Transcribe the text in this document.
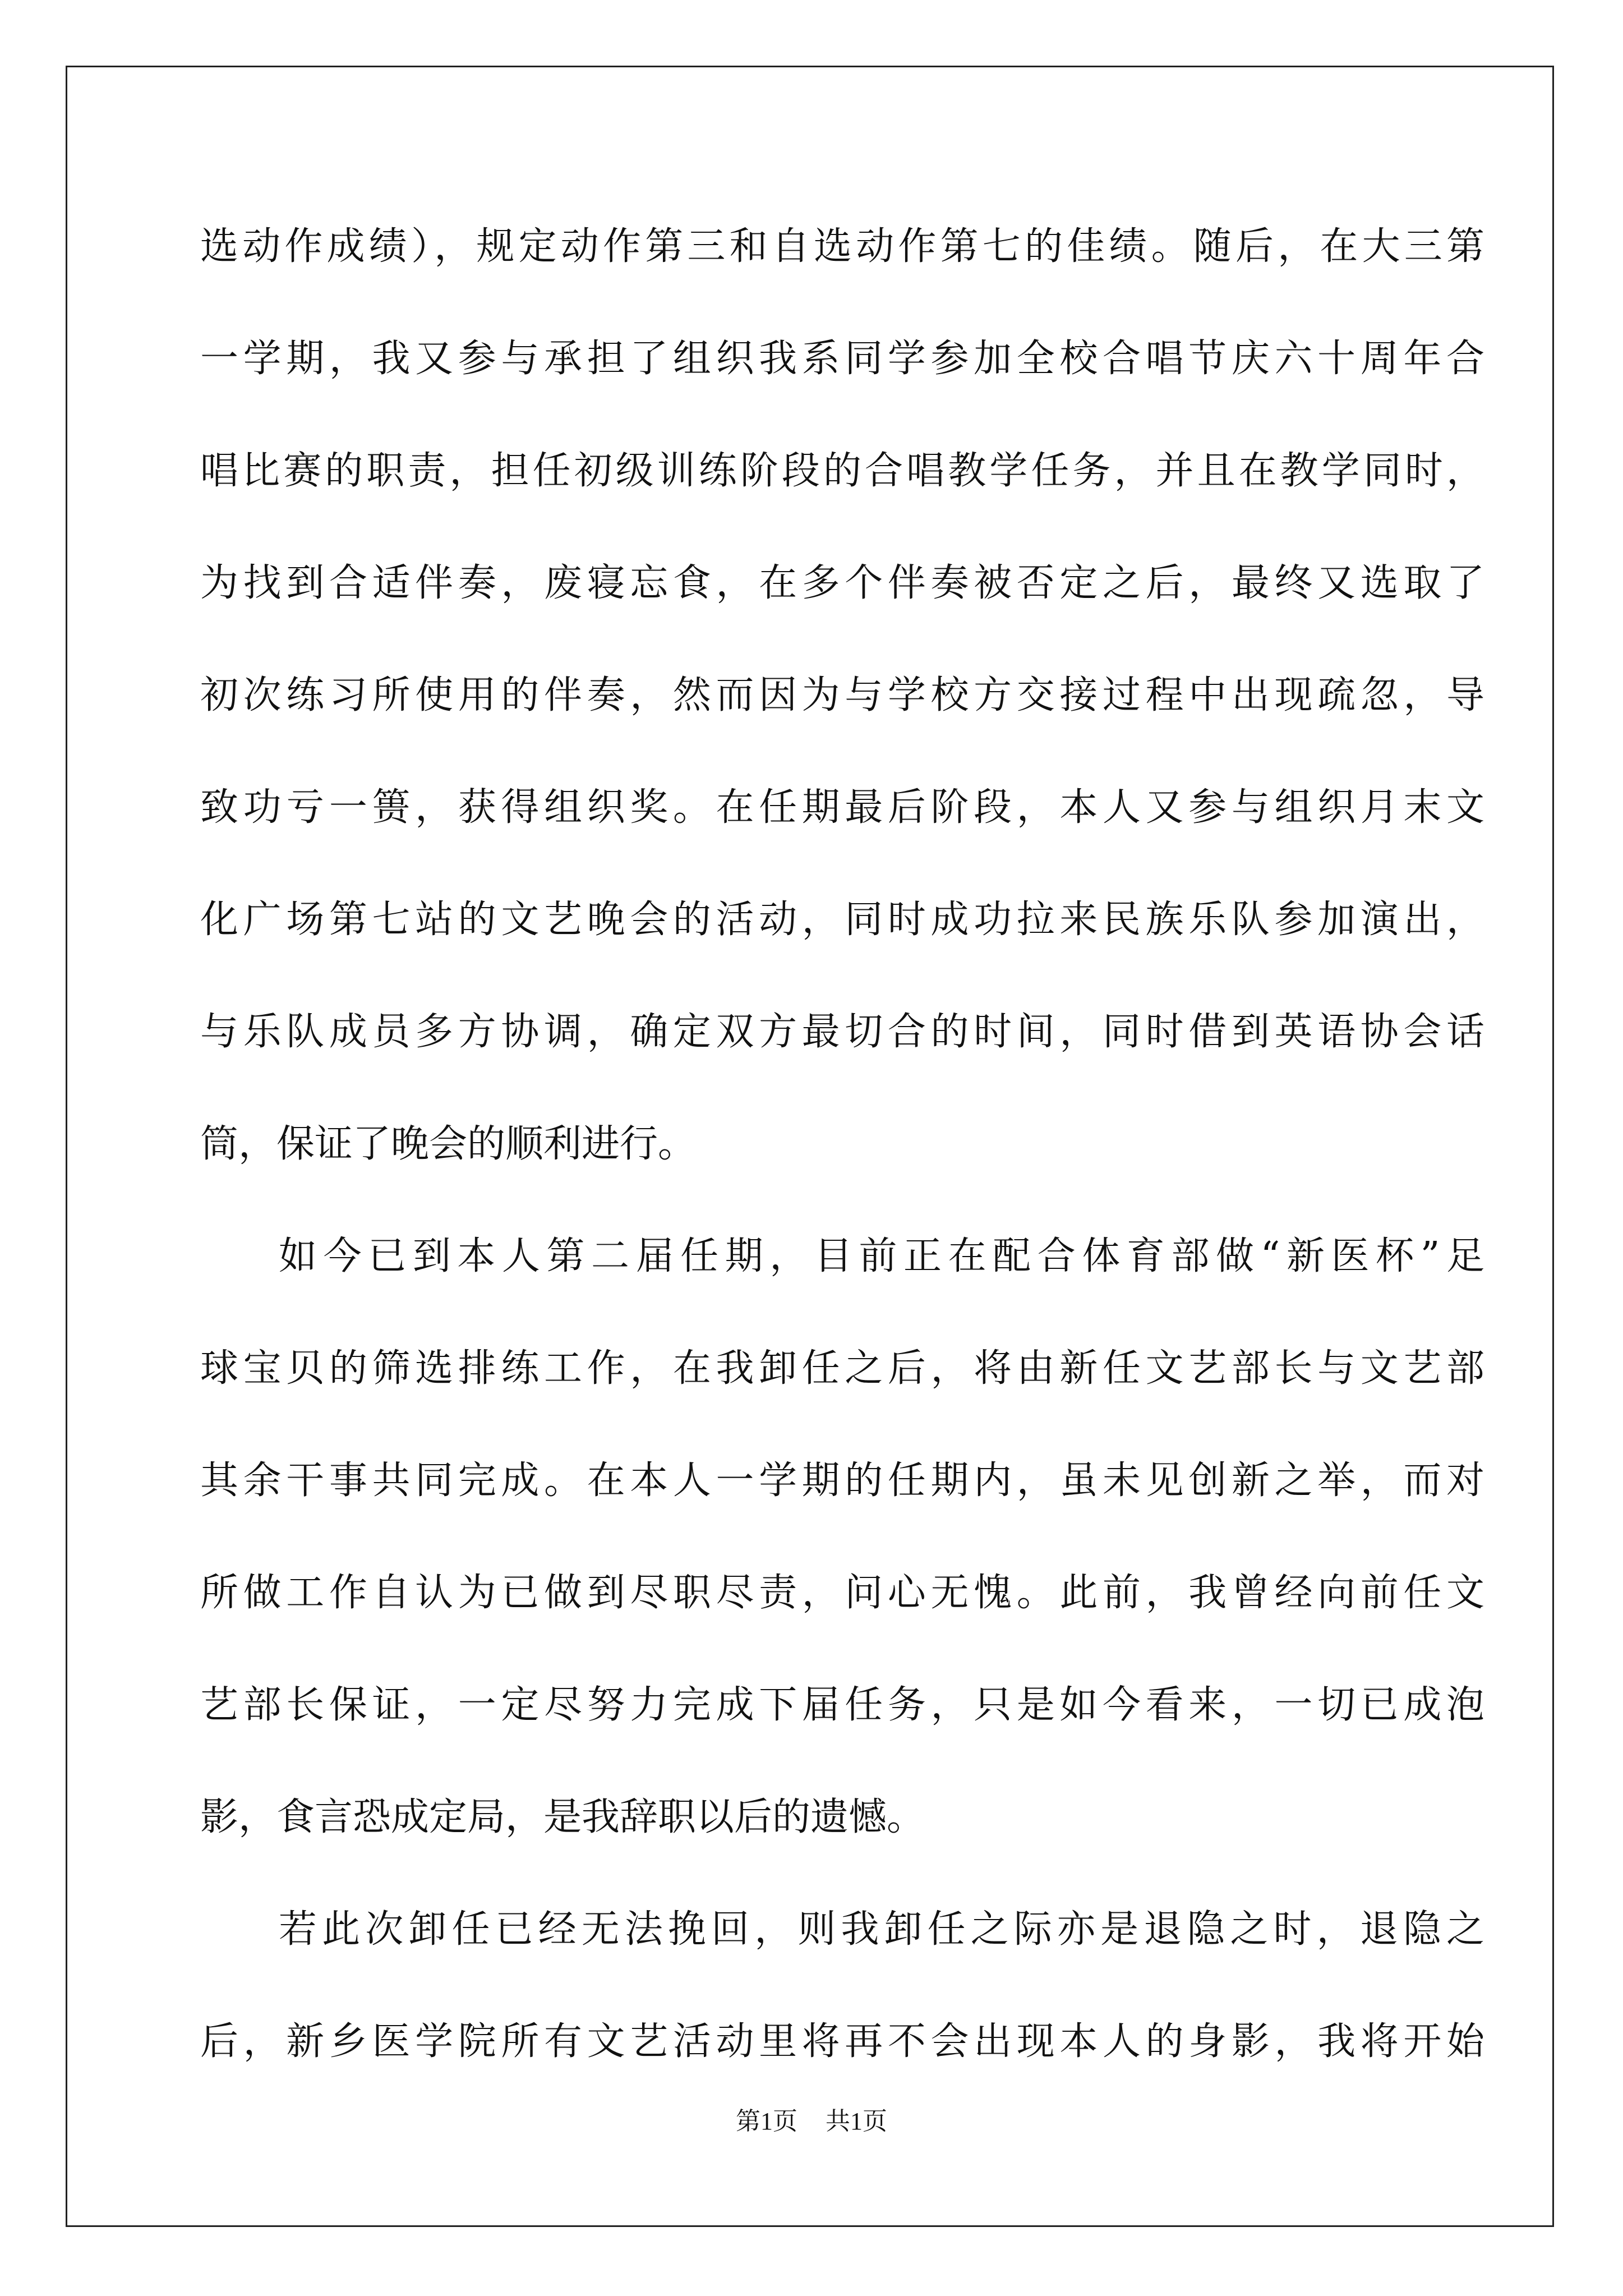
选动作成绩），规定动作第三和自选动作第七的佳绩。随后，在大三第
一学期，我又参与承担了组织我系同学参加全校合唱节庆六十周年合
唱比赛的职责，担任初级训练阶段的合唱教学任务，并且在教学同时，
为找到合适伴奏，废寝忘食，在多个伴奏被否定之后，最终又选取了
初次练习所使用的伴奏，然而因为与学校方交接过程中出现疏忽，导
致功亏一篑，获得组织奖。在任期最后阶段，本人又参与组织月末文
化广场第七站的文艺晚会的活动，同时成功拉来民族乐队参加演出，
与乐队成员多方协调，确定双方最切合的时间，同时借到英语协会话
筒，保证了晚会的顺利进行。
如今已到本人第二届任期，目前正在配合体育部做“新医杯”足
球宝贝的筛选排练工作，在我卸任之后，将由新任文艺部长与文艺部
其余干事共同完成。在本人一学期的任期内，虽未见创新之举，而对
所做工作自认为已做到尽职尽责，问心无愧。此前，我曾经向前任文
艺部长保证，一定尽努力完成下届任务，只是如今看来，一切已成泡
影，食言恐成定局，是我辞职以后的遗憾。
若此次卸任已经无法挽回，则我卸任之际亦是退隐之时，退隐之
后，新乡医学院所有文艺活动里将再不会出现本人的身影，我将开始
第1页 共1页
